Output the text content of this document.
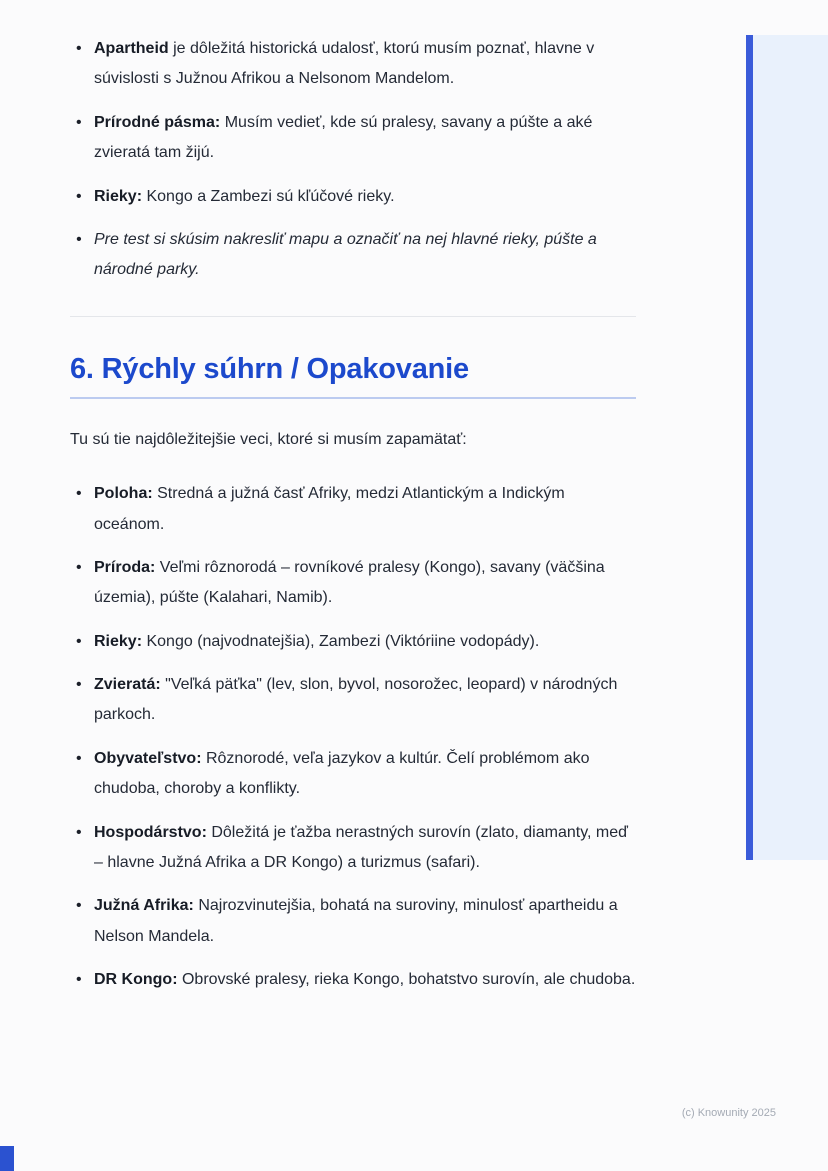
• Apartheid je dôležitá historická udalosť, ktorú musím poznať, hlavne v súvislosti s Južnou Afrikou a Nelsonom Mandelom.
• Prírodné pásma: Musím vedieť, kde sú pralesy, savany a púšte a aké zvieratá tam žijú.
• Rieky: Kongo a Zambezi sú kľúčové rieky.
• Pre test si skúsim nakresliť mapu a označiť na nej hlavné rieky, púšte a národné parky.
6. Rýchly súhrn / Opakovanie

Tu sú tie najdôležitejšie veci, ktoré si musím zapamätať:

• Poloha: Stredná a južná časť Afriky, medzi Atlantickým a Indickým oceánom.
• Príroda: Veľmi rôznorodá – rovníkové pralesy (Kongo), savany (väčšina územia), púšte (Kalahari, Namib).
• Rieky: Kongo (najvodnatejšia), Zambezi (Viktóriine vodopády).
• Zvieratá: "Veľká päťka" (lev, slon, byvol, nosorožec, leopard) v národných parkoch.
• Obyvateľstvo: Rôznorodé, veľa jazykov a kultúr. Čelí problémom ako chudoba, choroby a konflikty.
• Hospodárstvo: Dôležitá je ťažba nerastných surovín (zlato, diamanty, meď – hlavne Južná Afrika a DR Kongo) a turizmus (safari).
• Južná Afrika: Najrozvinutejšia, bohatá na suroviny, minulosť apartheidu a Nelson Mandela.
• DR Kongo: Obrovské pralesy, rieka Kongo, bohatstvo surovín, ale chudoba.
(c) Knowunity 2025
